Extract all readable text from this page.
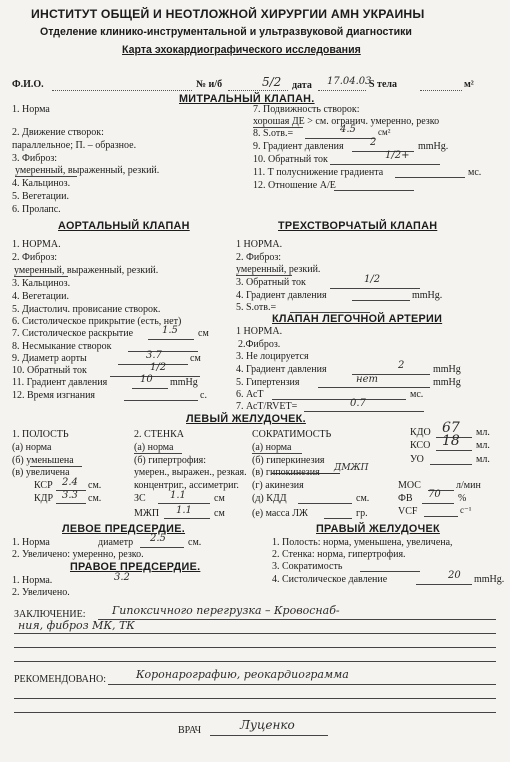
ИНСТИТУТ ОБЩЕЙ И НЕОТЛОЖНОЙ ХИРУРГИИ АМН УКРАИНЫ
Отделение клинико-инструментальной и ультразвуковой диагностики
Карта эхокардиографического исследования
Ф.И.О.	№ и/б	5/2 дата 17.04.03
S тела	м²
МИТРАЛЬНЫЙ КЛАПАН.
1. Норма
2. Движение створок:
параллельное; П. – образное.
3. Фиброз:
умеренный, выраженный, резкий.
4. Кальциноз.
5. Вегетации.
6. Пролапс.
7. Подвижность створок:
хорошая ДЕ > см. огранич. умеренно, резко
8. S.отв.=	4.5 см²
9. Градиент давления	2	mmHg.
10. Обратный ток	1/2+
11. Т полуснижение градиента	мс.
12. Отношение А/Е
АОРТАЛЬНЫЙ КЛАПАН	ТРЕХСТВОРЧАТЫЙ КЛАПАН
1. НОРМА.
2. Фиброз:
умеренный, выраженный, резкий.
3. Кальциноз.
4. Вегетации.
5. Диастолич. провисание створок.
6. Систолическое прикрытие (есть, нет)
7. Систолическое раскрытие	1.5 см
8. Несмыкание створок
9. Диаметр аорты	3.7	см
10. Обратный ток	1/2
11. Градиент давления	10 mmHg
12. Время изгнания	с.
1 НОРМА.
2. Фиброз:
умеренный, резкий.
3. Обратный ток	1/2
4. Градиент давления	mmHg.
5. S.отв.=
КЛАПАН ЛЕГОЧНОЙ АРТЕРИИ
1 НОРМА.
2.Фиброз.
3. Не лоцируется
4. Градиент давления	2	mmHg
5. Гипертензия	нет	mmHg
6. АсТ	мс.
7. АсТ/RVET=	0.7
ЛЕВЫЙ ЖЕЛУДОЧЕК.
1. ПОЛОСТЬ
(а) норма
(б) уменьшена
(в) увеличена
КСР 2.4 см.
КДР 3.3 см.
2. СТЕНКА
(а) норма
(б) гипертрофия:
умерен., выражен., резкая.
концентриг., ассиметриг.
ЗС 1.1	см
МЖП 1.1 см
СОКРАТИМОСТЬ
(а) норма
(б) гиперкинезия
(в) гипокинезия ДМЖП
(г) акинезия
(д) КДД	см.
(е) масса ЛЖ	гр.
КДО 67 мл.
КСО 18 мл.
УО	мл.
МОС	л/мин
ФВ 70 %
VCF	с⁻¹
ЛЕВОЕ ПРЕДСЕРДИЕ.
1. Норма	диаметр 2.5 см.
2. Увеличено: умеренно, резко.
ПРАВЫЙ ЖЕЛУДОЧЕК
1. Полость: норма, уменьшена, увеличена,
2. Стенка: норма, гипертрофия.
3. Сократимость
4. Систолическое давление	20 mmHg.
ПРАВОЕ ПРЕДСЕРДИЕ.
1. Норма.	3.2
2. Увеличено.
ЗАКЛЮЧЕНИЕ: Гипоксичного перегрузка – Кровоснаб-
ния, фиброз МК, ТК
РЕКОМЕНДОВАНО:	Коронарографию, реокардиограмма
ВРАЧ	Луценко
